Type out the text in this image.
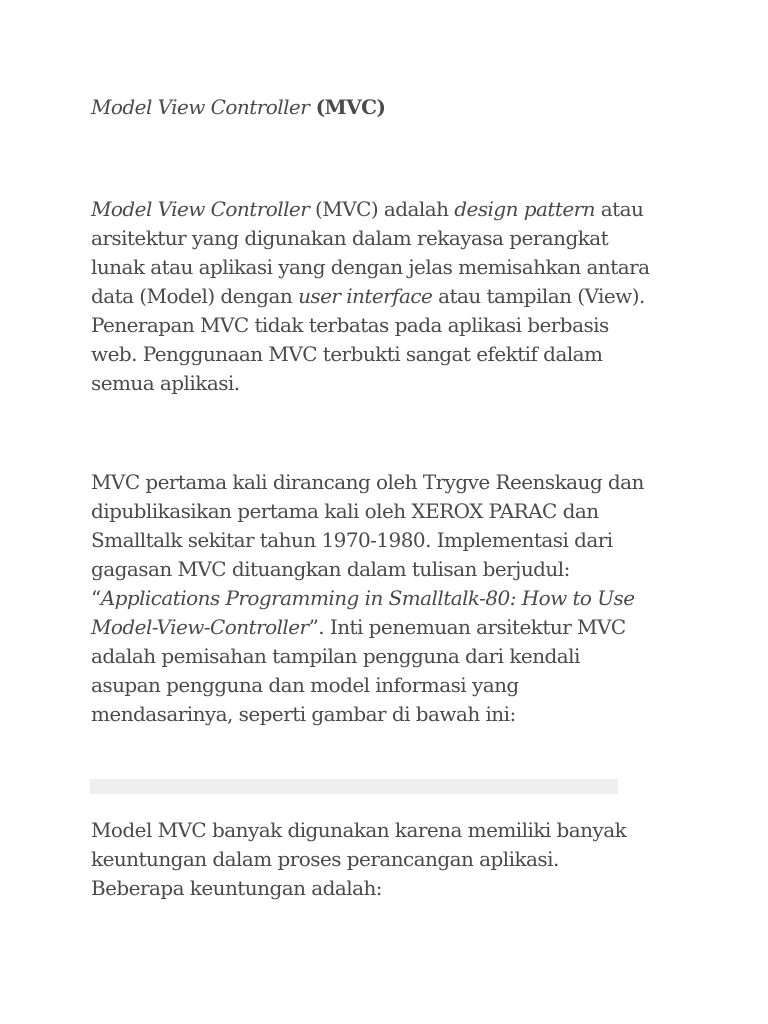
Model View Controller (MVC)
Model View Controller (MVC) adalah design pattern atau
arsitektur yang digunakan dalam rekayasa perangkat
lunak atau aplikasi yang dengan jelas memisahkan antara
data (Model) dengan user interface atau tampilan (View).
Penerapan MVC tidak terbatas pada aplikasi berbasis
web. Penggunaan MVC terbukti sangat efektif dalam
semua aplikasi.
MVC pertama kali dirancang oleh Trygve Reenskaug dan
dipublikasikan pertama kali oleh XEROX PARAC dan
Smalltalk sekitar tahun 1970-1980. Implementasi dari
gagasan MVC dituangkan dalam tulisan berjudul:
“Applications Programming in Smalltalk-80: How to Use
Model-View-Controller”. Inti penemuan arsitektur MVC
adalah pemisahan tampilan pengguna dari kendali
asupan pengguna dan model informasi yang
mendasarinya, seperti gambar di bawah ini:
Model MVC banyak digunakan karena memiliki banyak
keuntungan dalam proses perancangan aplikasi.
Beberapa keuntungan adalah:
